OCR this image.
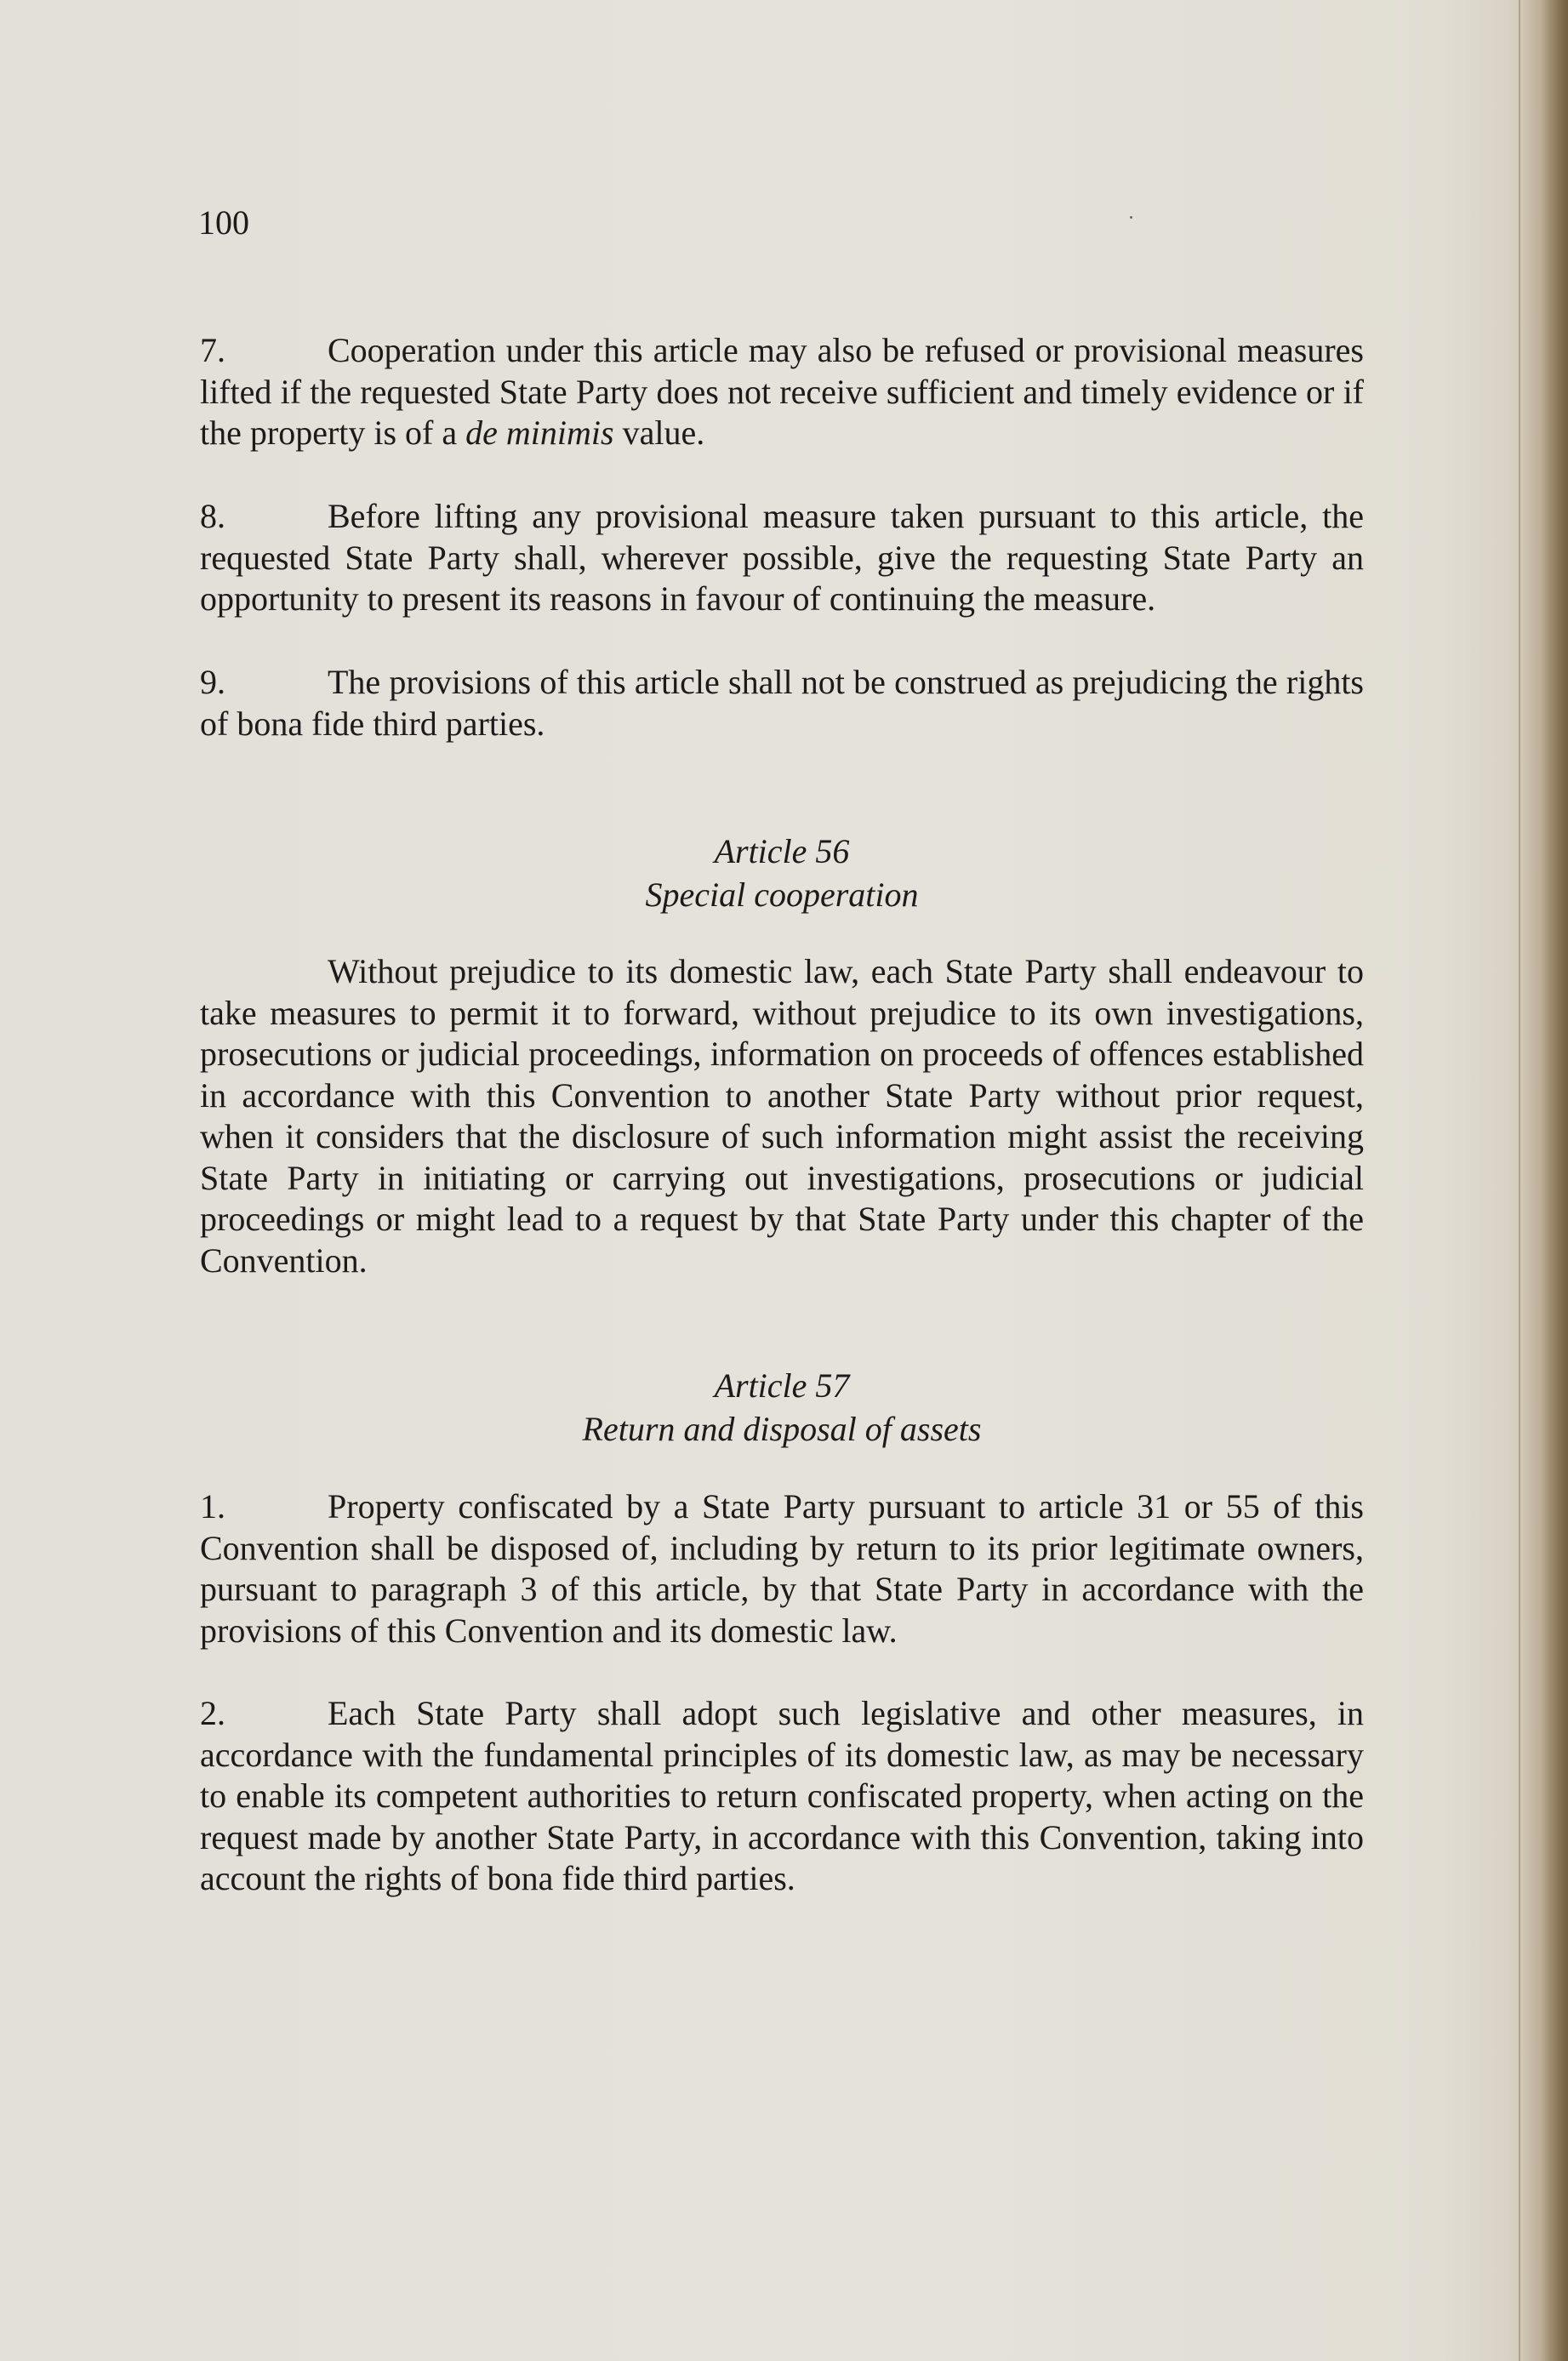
100

7.	Cooperation under this article may also be refused or provisional measures lifted if the requested State Party does not receive sufficient and timely evidence or if the property is of a de minimis value.

8.	Before lifting any provisional measure taken pursuant to this article, the requested State Party shall, wherever possible, give the requesting State Party an opportunity to present its reasons in favour of continuing the measure.

9.	The provisions of this article shall not be construed as prejudicing the rights of bona fide third parties.

Article 56
Special cooperation

Without prejudice to its domestic law, each State Party shall endeavour to take measures to permit it to forward, without prejudice to its own investigations, prosecutions or judicial proceedings, information on proceeds of offences established in accordance with this Convention to another State Party without prior request, when it considers that the disclosure of such information might assist the receiving State Party in initiating or carrying out investigations, prosecutions or judicial proceedings or might lead to a request by that State Party under this chapter of the Convention.

Article 57
Return and disposal of assets

1.	Property confiscated by a State Party pursuant to article 31 or 55 of this Convention shall be disposed of, including by return to its prior legitimate owners, pursuant to paragraph 3 of this article, by that State Party in accordance with the provisions of this Convention and its domestic law.

2.	Each State Party shall adopt such legislative and other measures, in accordance with the fundamental principles of its domestic law, as may be necessary to enable its competent authorities to return confiscated property, when acting on the request made by another State Party, in accordance with this Convention, taking into account the rights of bona fide third parties.
